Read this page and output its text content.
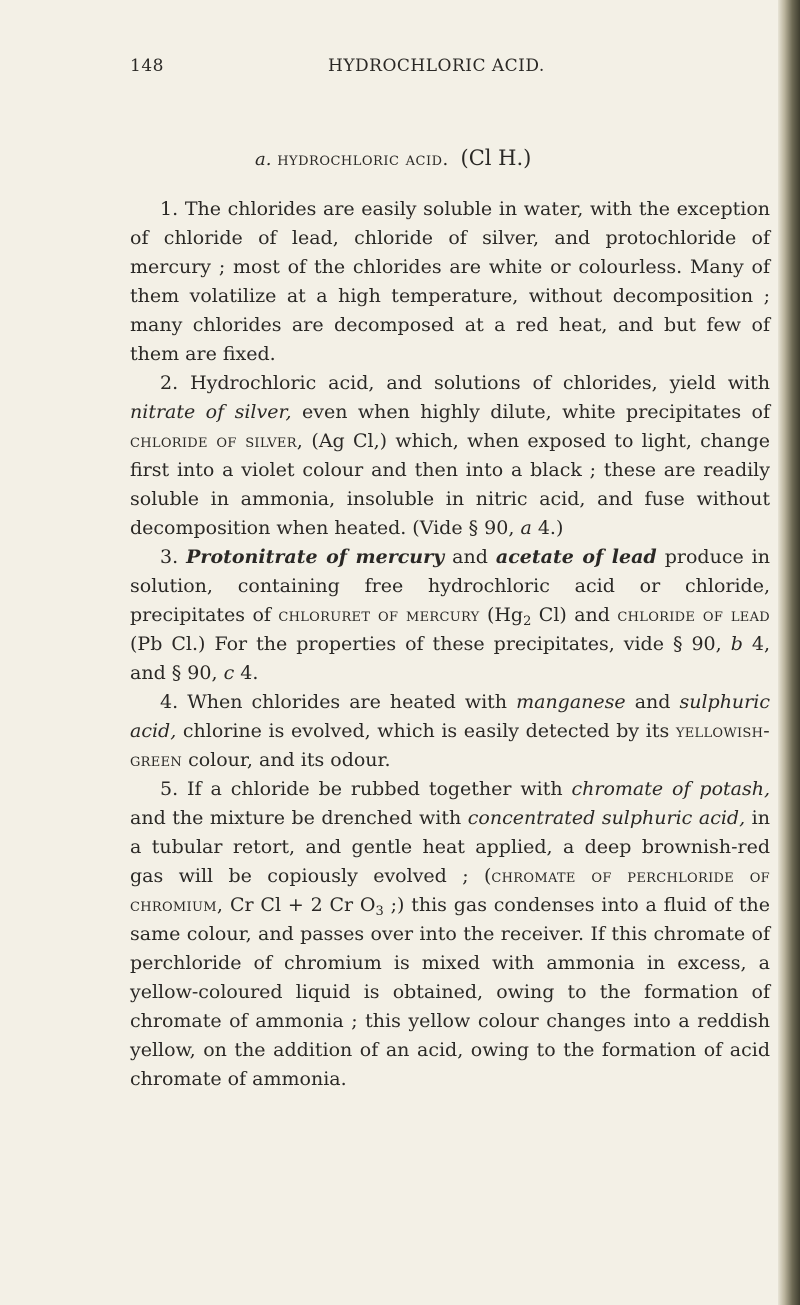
148	HYDROCHLORIC ACID.
a. hydrochloric acid. (Cl H.)

1. The chlorides are easily soluble in water, with the exception of chloride of lead, chloride of silver, and protochloride of mercury ; most of the chlorides are white or colourless. Many of them volatilize at a high temperature, without decomposition ; many chlorides are decomposed at a red heat, and but few of them are fixed.

2. Hydrochloric acid, and solutions of chlorides, yield with nitrate of silver, even when highly dilute, white precipitates of chloride of silver, (Ag Cl,) which, when exposed to light, change first into a violet colour and then into a black ; these are readily soluble in ammonia, insoluble in nitric acid, and fuse without decomposition when heated. (Vide § 90, a 4.)

3. Protonitrate of mercury and acetate of lead produce in solution, containing free hydrochloric acid or chloride, precipitates of chloruret of mercury ($Hg_2$ Cl) and chloride of lead (Pb Cl.) For the properties of these precipitates, vide § 90, b 4, and § 90, c 4.

4. When chlorides are heated with manganese and sulphuric acid, chlorine is evolved, which is easily detected by its yellowish-green colour, and its odour.

5. If a chloride be rubbed together with chromate of potash, and the mixture be drenched with concentrated sulphuric acid, in a tubular retort, and gentle heat applied, a deep brownish-red gas will be copiously evolved ; (chromate of perchloride of chromium, Cr Cl + 2 Cr $O_3$ ;) this gas condenses into a fluid of the same colour, and passes over into the receiver. If this chromate of perchloride of chromium is mixed with ammonia in excess, a yellow-coloured liquid is obtained, owing to the formation of chromate of ammonia ; this yellow colour changes into a reddish yellow, on the addition of an acid, owing to the formation of acid chromate of ammonia.
